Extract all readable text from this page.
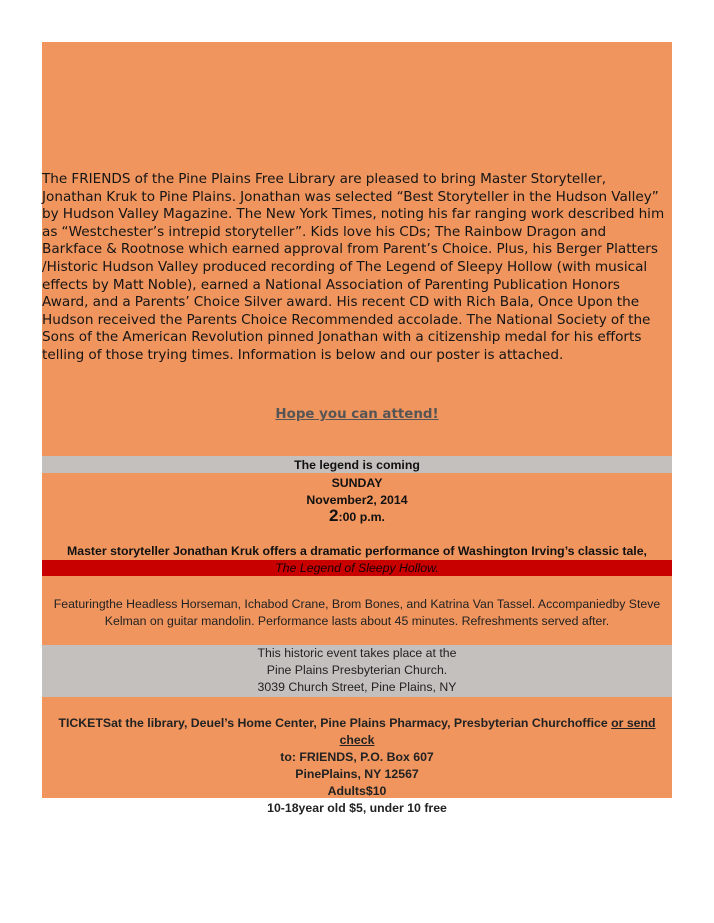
The FRIENDS of the Pine Plains Free Library are pleased to bring Master Storyteller, Jonathan Kruk to Pine Plains. Jonathan was selected “Best Storyteller in the Hudson Valley” by Hudson Valley Magazine. The New York Times, noting his far ranging work described him as “Westchester’s intrepid storyteller”. Kids love his CDs; The Rainbow Dragon and Barkface & Rootnose which earned approval from Parent’s Choice. Plus, his Berger Platters /Historic Hudson Valley produced recording of The Legend of Sleepy Hollow (with musical effects by Matt Noble), earned a National Association of Parenting Publication Honors Award, and a Parents’ Choice Silver award. His recent CD with Rich Bala, Once Upon the Hudson received the Parents Choice Recommended accolade. The National Society of the Sons of the American Revolution pinned Jonathan with a citizenship medal for his efforts telling of those trying times. Information is below and our poster is attached.

Hope you can attend!
The legend is coming
SUNDAY
November2, 2014
2:00 p.m.
Master storyteller Jonathan Kruk offers a dramatic performance of Washington Irving’s classic tale,
The Legend of Sleepy Hollow.
Featuringthe Headless Horseman, Ichabod Crane, Brom Bones, and Katrina Van Tassel. Accompaniedby Steve
Kelman on guitar mandolin. Performance lasts about 45 minutes. Refreshments served after.
This historic event takes place at the
Pine Plains Presbyterian Church.
3039 Church Street, Pine Plains, NY
TICKETSat the library, Deuel’s Home Center, Pine Plains Pharmacy, Presbyterian Churchoffice or send check
to: FRIENDS, P.O. Box 607
PinePlains, NY 12567
Adults$10
10-18year old $5, under 10 free
